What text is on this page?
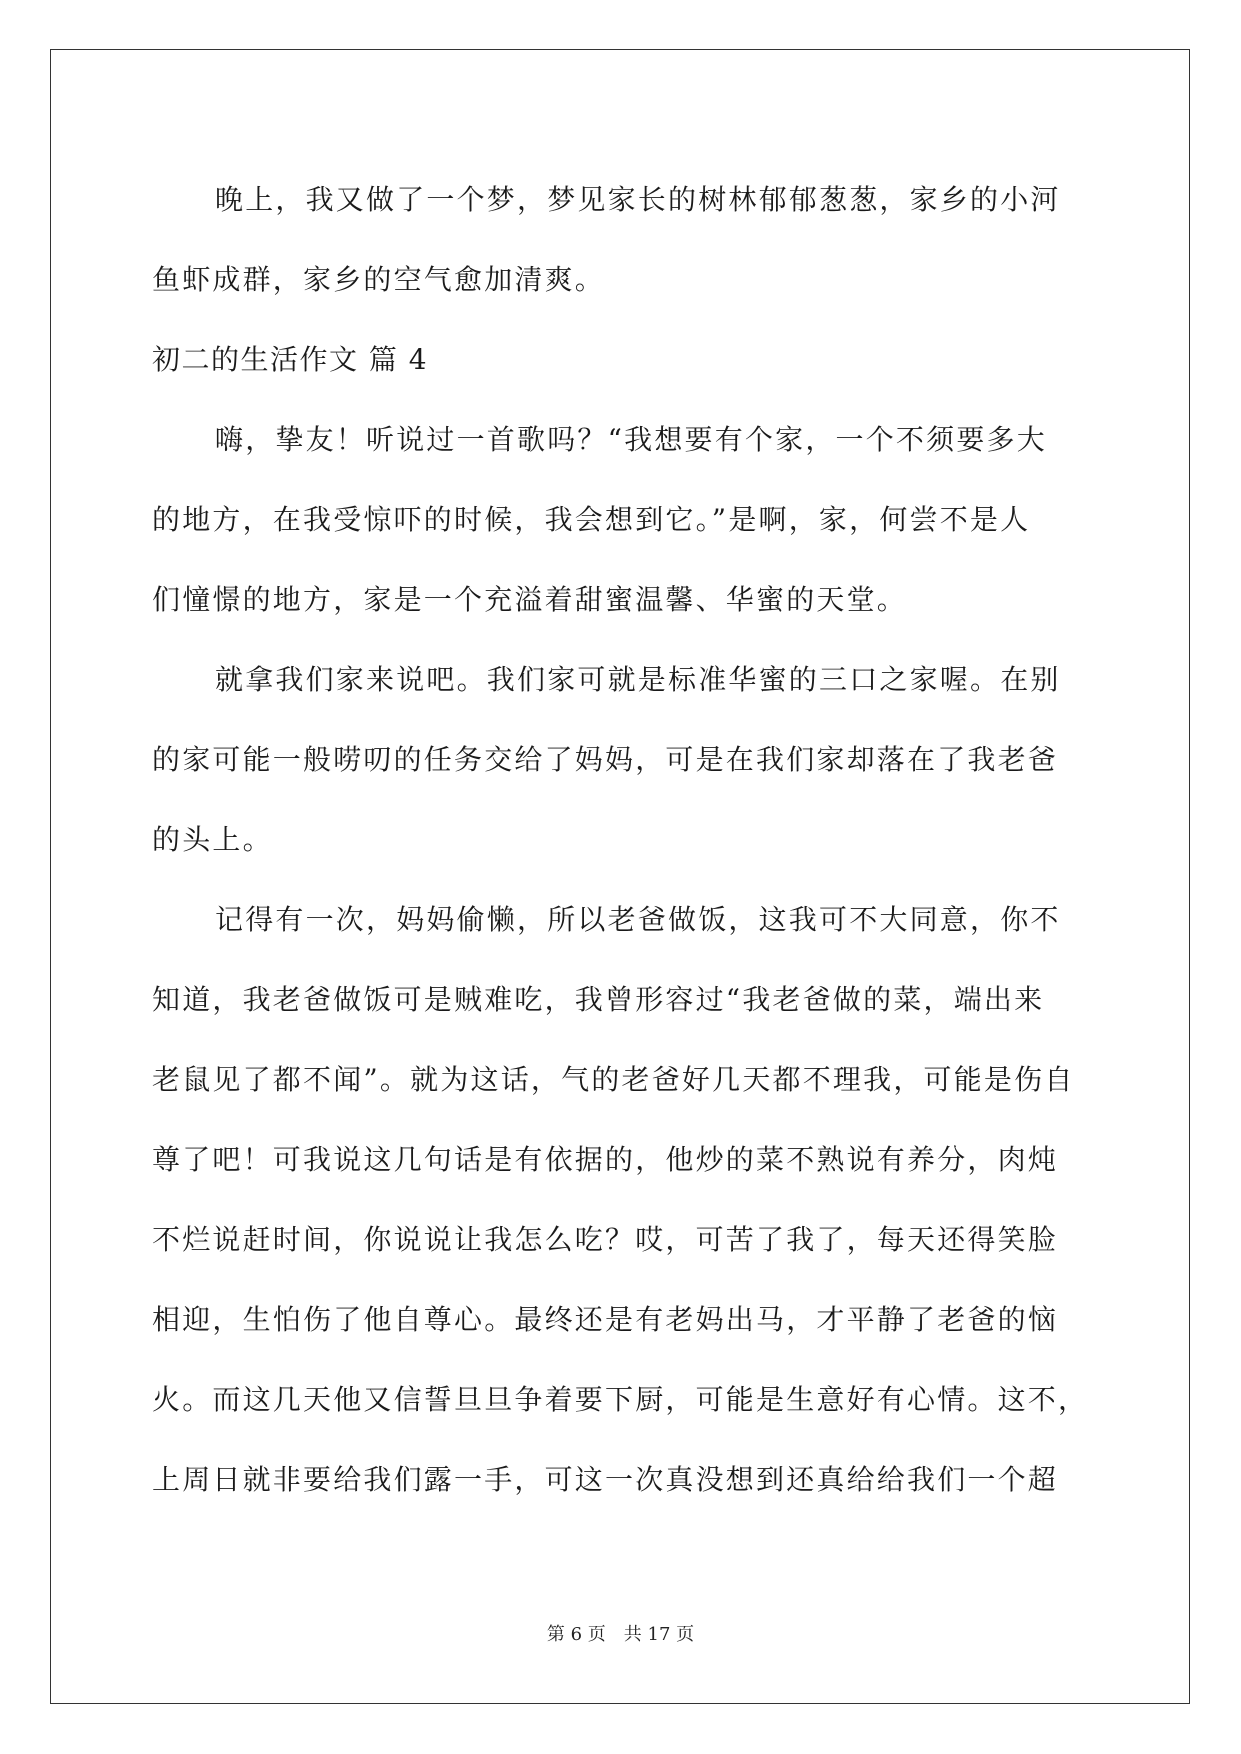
晚上，我又做了一个梦，梦见家长的树林郁郁葱葱，家乡的小河
鱼虾成群，家乡的空气愈加清爽。
初二的生活作文 篇 4
嗨，挚友！听说过一首歌吗？“我想要有个家，一个不须要多大
的地方，在我受惊吓的时候，我会想到它。”是啊，家，何尝不是人
们憧憬的地方，家是一个充溢着甜蜜温馨、华蜜的天堂。
就拿我们家来说吧。我们家可就是标准华蜜的三口之家喔。在别
的家可能一般唠叨的任务交给了妈妈，可是在我们家却落在了我老爸
的头上。
记得有一次，妈妈偷懒，所以老爸做饭，这我可不大同意，你不
知道，我老爸做饭可是贼难吃，我曾形容过“我老爸做的菜，端出来
老鼠见了都不闻”。就为这话，气的老爸好几天都不理我，可能是伤自
尊了吧！可我说这几句话是有依据的，他炒的菜不熟说有养分，肉炖
不烂说赶时间，你说说让我怎么吃？哎，可苦了我了，每天还得笑脸
相迎，生怕伤了他自尊心。最终还是有老妈出马，才平静了老爸的恼
火。而这几天他又信誓旦旦争着要下厨，可能是生意好有心情。这不，
上周日就非要给我们露一手，可这一次真没想到还真给给我们一个超
第 6 页 共 17 页
